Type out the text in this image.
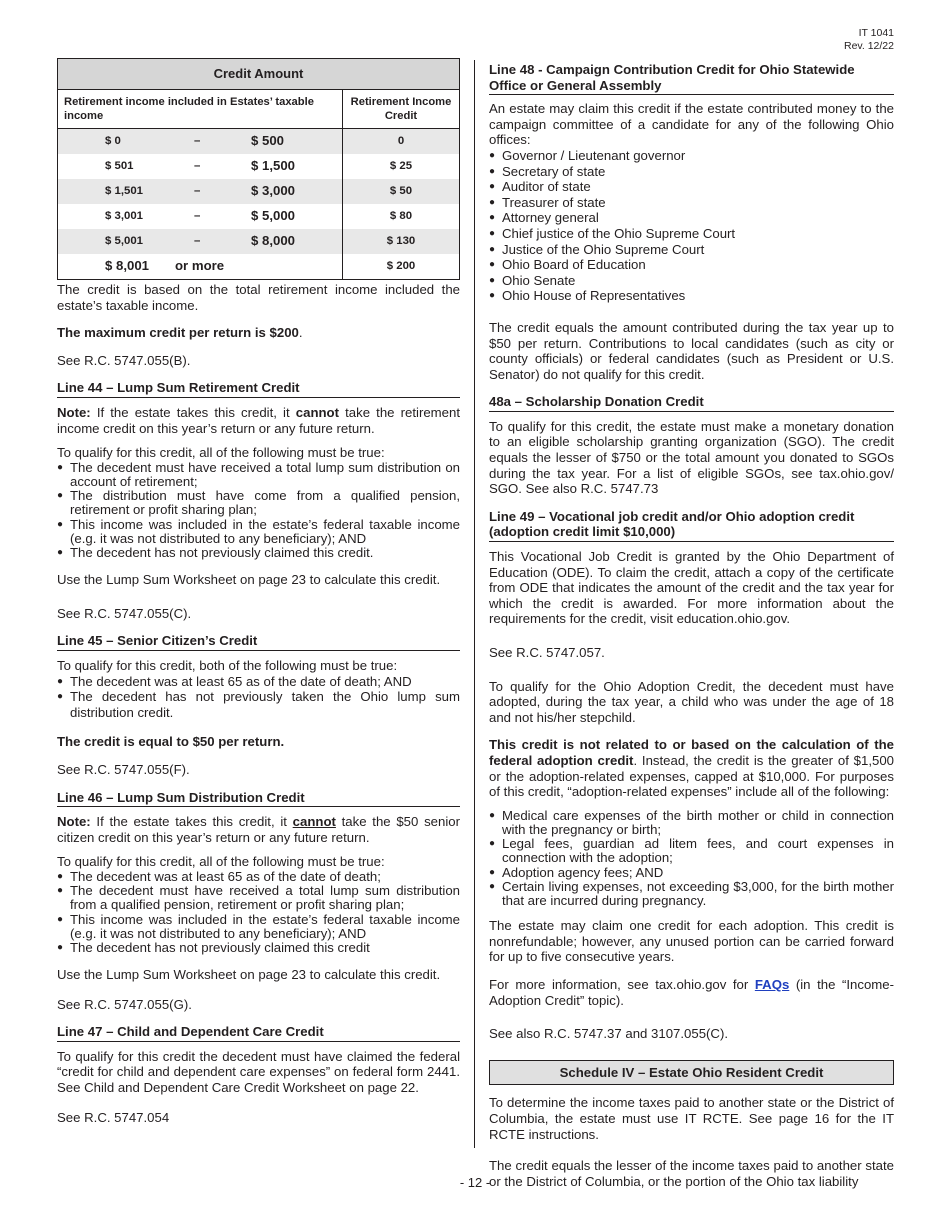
IT 1041
Rev. 12/22
Credit Amount	
Retirement income included in Estates’ taxable income	Retirement Income Credit

$ 0 – $ 500	0

$ 501 – $ 1,500	$ 25

$ 1,501 – $ 3,000	$ 50

$ 3,001 – $ 5,000	$ 80

$ 5,001 – $ 8,000	$ 130

$ 8,001 or more	$ 200

The credit is based on the total retirement income included the estate’s taxable income.

The maximum credit per return is $200.

See R.C. 5747.055(B).

Line 44 – Lump Sum Retirement Credit

Note: If the estate takes this credit, it cannot take the retirement income credit on this year’s return or any future return.

To qualify for this credit, all of the following must be true:

● The decedent must have received a total lump sum distribution on account of retirement;
● The distribution must have come from a qualified pension, retirement or profit sharing plan;
● This income was included in the estate’s federal taxable income (e.g. it was not distributed to any beneficiary); AND
● The decedent has not previously claimed this credit.

Use the Lump Sum Worksheet on page 23 to calculate this credit.

See R.C. 5747.055(C).

Line 45 – Senior Citizen’s Credit

To qualify for this credit, both of the following must be true:

● The decedent was at least 65 as of the date of death; AND
● The decedent has not previously taken the Ohio lump sum distribution credit.

The credit is equal to $50 per return.

See R.C. 5747.055(F).

Line 46 – Lump Sum Distribution Credit

Note: If the estate takes this credit, it cannot take the $50 senior citizen credit on this year’s return or any future return.

To qualify for this credit, all of the following must be true:

● The decedent was at least 65 as of the date of death;
● The decedent must have received a total lump sum distribution from a qualified pension, retirement or profit sharing plan;
● This income was included in the estate’s federal taxable income (e.g. it was not distributed to any beneficiary); AND
● The decedent has not previously claimed this credit

Use the Lump Sum Worksheet on page 23 to calculate this credit.

See R.C. 5747.055(G).

Line 47 – Child and Dependent Care Credit

To qualify for this credit the decedent must have claimed the federal “credit for child and dependent care expenses” on federal form 2441. See Child and Dependent Care Credit Worksheet on page 22.

See R.C. 5747.054

Line 48 - Campaign Contribution Credit for Ohio Statewide Office or General Assembly

An estate may claim this credit if the estate contributed money to the campaign committee of a candidate for any of the following Ohio offices:

● Governor / Lieutenant governor
● Secretary of state
● Auditor of state
● Treasurer of state
● Attorney general
● Chief justice of the Ohio Supreme Court
● Justice of the Ohio Supreme Court
● Ohio Board of Education
● Ohio Senate
● Ohio House of Representatives

The credit equals the amount contributed during the tax year up to $50 per return. Contributions to local candidates (such as city or county officials) or federal candidates (such as President or U.S. Senator) do not qualify for this credit.

48a – Scholarship Donation Credit

To qualify for this credit, the estate must make a monetary donation to an eligible scholarship granting organization (SGO). The credit equals the lesser of $750 or the total amount you donated to SGOs during the tax year. For a list of eligible SGOs, see tax.ohio.gov/ SGO. See also R.C. 5747.73

Line 49 – Vocational job credit and/or Ohio adoption credit (adoption credit limit $10,000)

This Vocational Job Credit is granted by the Ohio Department of Education (ODE). To claim the credit, attach a copy of the certificate from ODE that indicates the amount of the credit and the tax year for which the credit is awarded. For more information about the requirements for the credit, visit education.ohio.gov.

See R.C. 5747.057.

To qualify for the Ohio Adoption Credit, the decedent must have adopted, during the tax year, a child who was under the age of 18 and not his/her stepchild.

This credit is not related to or based on the calculation of the federal adoption credit. Instead, the credit is the greater of $1,500 or the adoption-related expenses, capped at $10,000. For purposes of this credit, “adoption-related expenses” include all of the following:

● Medical care expenses of the birth mother or child in connection with the pregnancy or birth;
● Legal fees, guardian ad litem fees, and court expenses in connection with the adoption;
● Adoption agency fees; AND
● Certain living expenses, not exceeding $3,000, for the birth mother that are incurred during pregnancy.

The estate may claim one credit for each adoption. This credit is nonrefundable; however, any unused portion can be carried forward for up to five consecutive years.

For more information, see tax.ohio.gov for FAQs (in the “Income-Adoption Credit” topic).

See also R.C. 5747.37 and 3107.055(C).

Schedule IV – Estate Ohio Resident Credit

To determine the income taxes paid to another state or the District of Columbia, the estate must use IT RCTE. See page 16 for the IT RCTE instructions.

The credit equals the lesser of the income taxes paid to another state or the District of Columbia, or the portion of the Ohio tax liability

- 12 -
